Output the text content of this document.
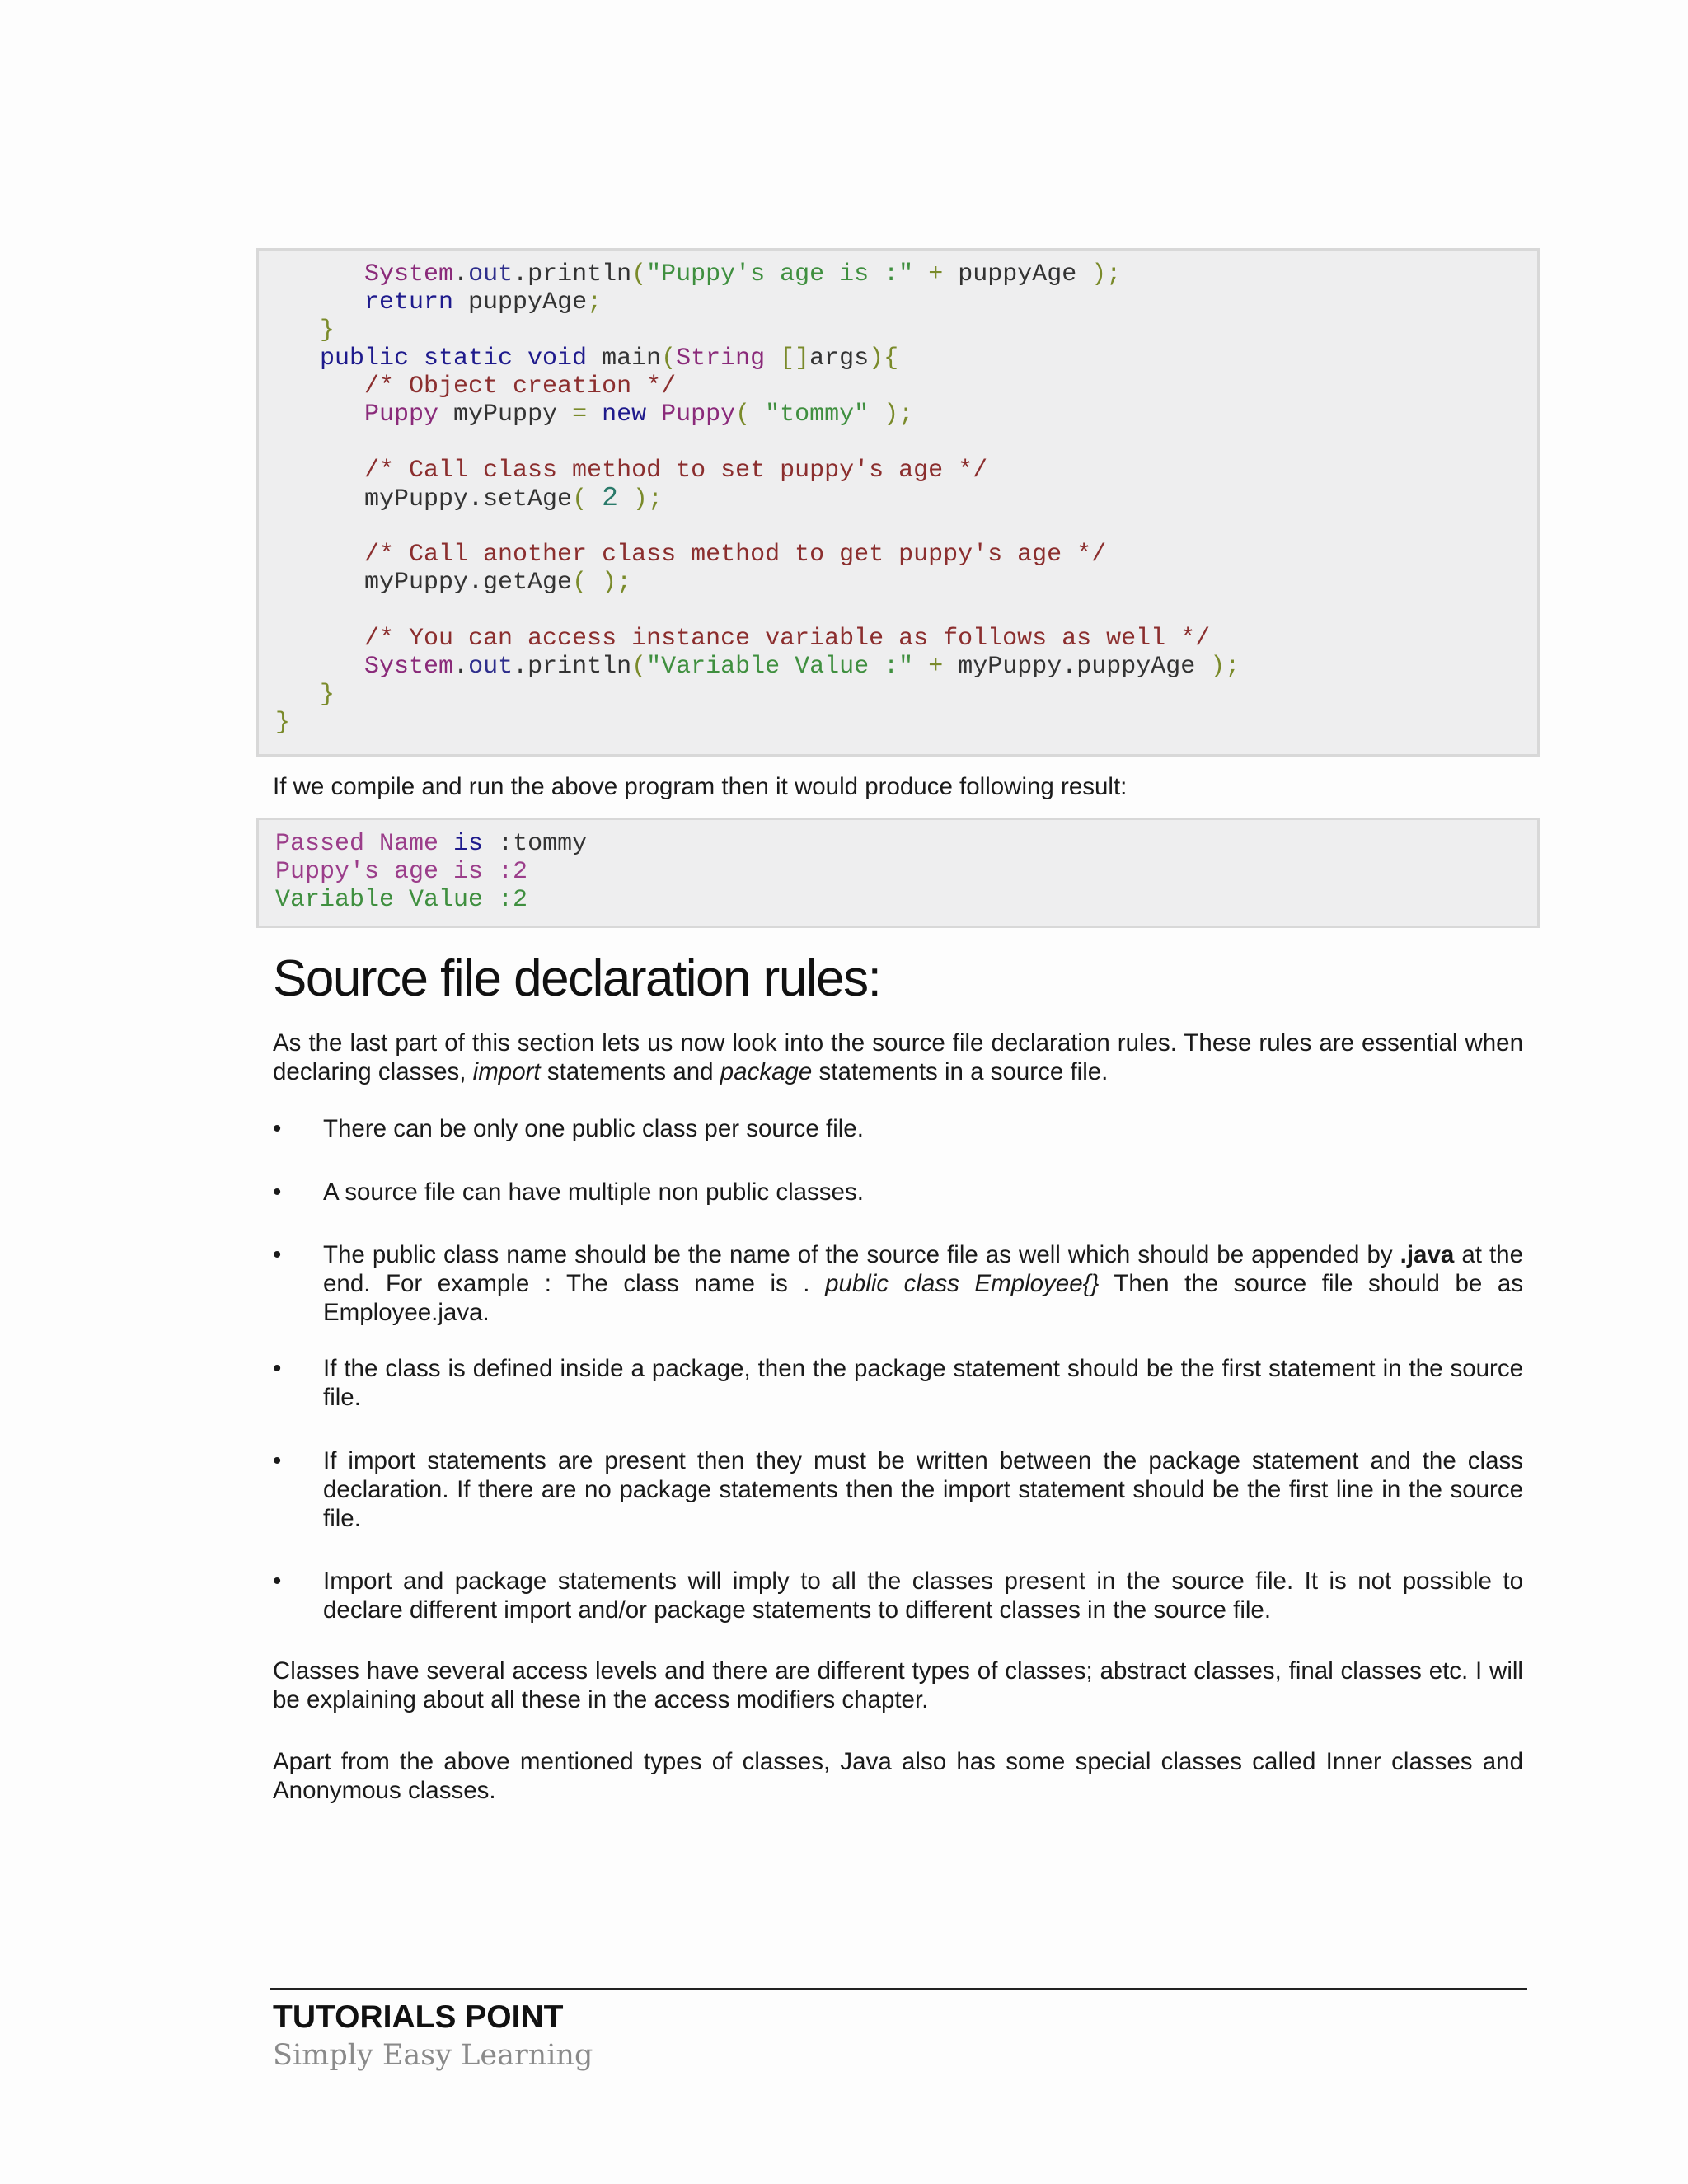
System.out.println("Puppy's age is :" + puppyAge );
return puppyAge;
}
public static void main(String []args){
/* Object creation */
Puppy myPuppy = new Puppy( "tommy" );
/* Call class method to set puppy's age */
myPuppy.setAge( 2 );
/* Call another class method to get puppy's age */
myPuppy.getAge( );
/* You can access instance variable as follows as well */
System.out.println("Variable Value :" + myPuppy.puppyAge );
}
}
If we compile and run the above program then it would produce following result:
Passed Name is :tommy
Puppy's age is :2
Variable Value :2
Source file declaration rules:
As the last part of this section lets us now look into the source file declaration rules. These rules are essential when declaring classes, import statements and package statements in a source file.
• There can be only one public class per source file.
• A source file can have multiple non public classes.
• The public class name should be the name of the source file as well which should be appended by .java at the end. For example : The class name is . public class Employee{} Then the source file should be as Employee.java.
• If the class is defined inside a package, then the package statement should be the first statement in the source file.
• If import statements are present then they must be written between the package statement and the class declaration. If there are no package statements then the import statement should be the first line in the source file.
• Import and package statements will imply to all the classes present in the source file. It is not possible to declare different import and/or package statements to different classes in the source file.
Classes have several access levels and there are different types of classes; abstract classes, final classes etc. I will be explaining about all these in the access modifiers chapter.
Apart from the above mentioned types of classes, Java also has some special classes called Inner classes and Anonymous classes.
TUTORIALS POINT
Simply Easy Learning
